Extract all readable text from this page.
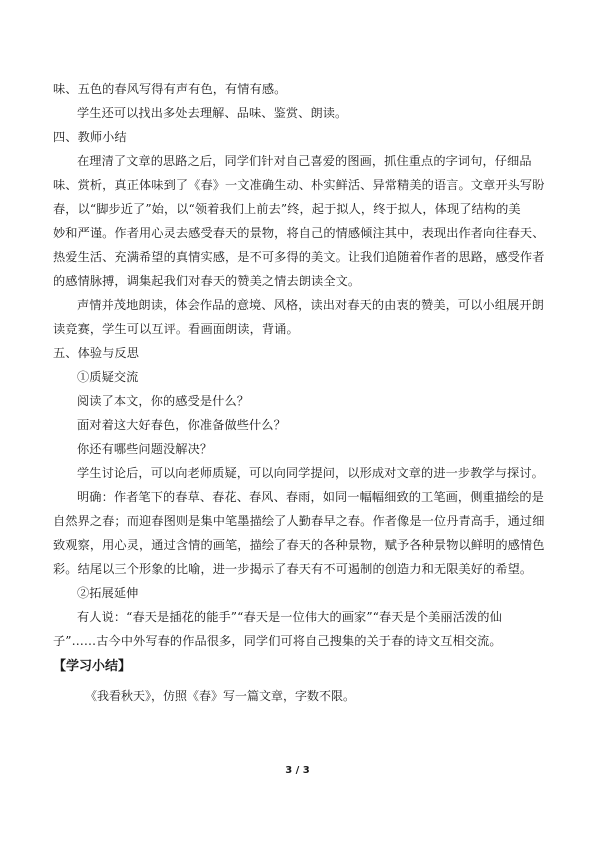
味、五色的春风写得有声有色，有情有感。
学生还可以找出多处去理解、品味、鉴赏、朗读。
四、教师小结
在理清了文章的思路之后，同学们针对自己喜爱的图画，抓住重点的字词句，仔细品
味、赏析，真正体味到了《春》一文准确生动、朴实鲜活、异常精美的语言。文章开头写盼
春，以“脚步近了”始，以“领着我们上前去”终，起于拟人，终于拟人，体现了结构的美
妙和严谨。作者用心灵去感受春天的景物，将自己的情感倾注其中，表现出作者向往春天、
热爱生活、充满希望的真情实感，是不可多得的美文。让我们追随着作者的思路，感受作者
的感情脉搏，调集起我们对春天的赞美之情去朗读全文。
声情并茂地朗读，体会作品的意境、风格，读出对春天的由衷的赞美，可以小组展开朗
读竞赛，学生可以互评。看画面朗读，背诵。
五、体验与反思
①质疑交流
阅读了本文，你的感受是什么？
面对着这大好春色，你准备做些什么？
你还有哪些问题没解决？
学生讨论后，可以向老师质疑，可以向同学提问，以形成对文章的进一步教学与探讨。
明确：作者笔下的春草、春花、春风、春雨，如同一幅幅细致的工笔画，侧重描绘的是
自然界之春；而迎春图则是集中笔墨描绘了人勤春早之春。作者像是一位丹青高手，通过细
致观察，用心灵，通过含情的画笔，描绘了春天的各种景物，赋予各种景物以鲜明的感情色
彩。结尾以三个形象的比喻，进一步揭示了春天有不可遏制的创造力和无限美好的希望。
②拓展延伸
有人说：“春天是插花的能手”“春天是一位伟大的画家”“春天是个美丽活泼的仙
子”……古今中外写春的作品很多，同学们可将自己搜集的关于春的诗文互相交流。
【学习小结】
《我看秋天》，仿照《春》写一篇文章，字数不限。
3 / 3
